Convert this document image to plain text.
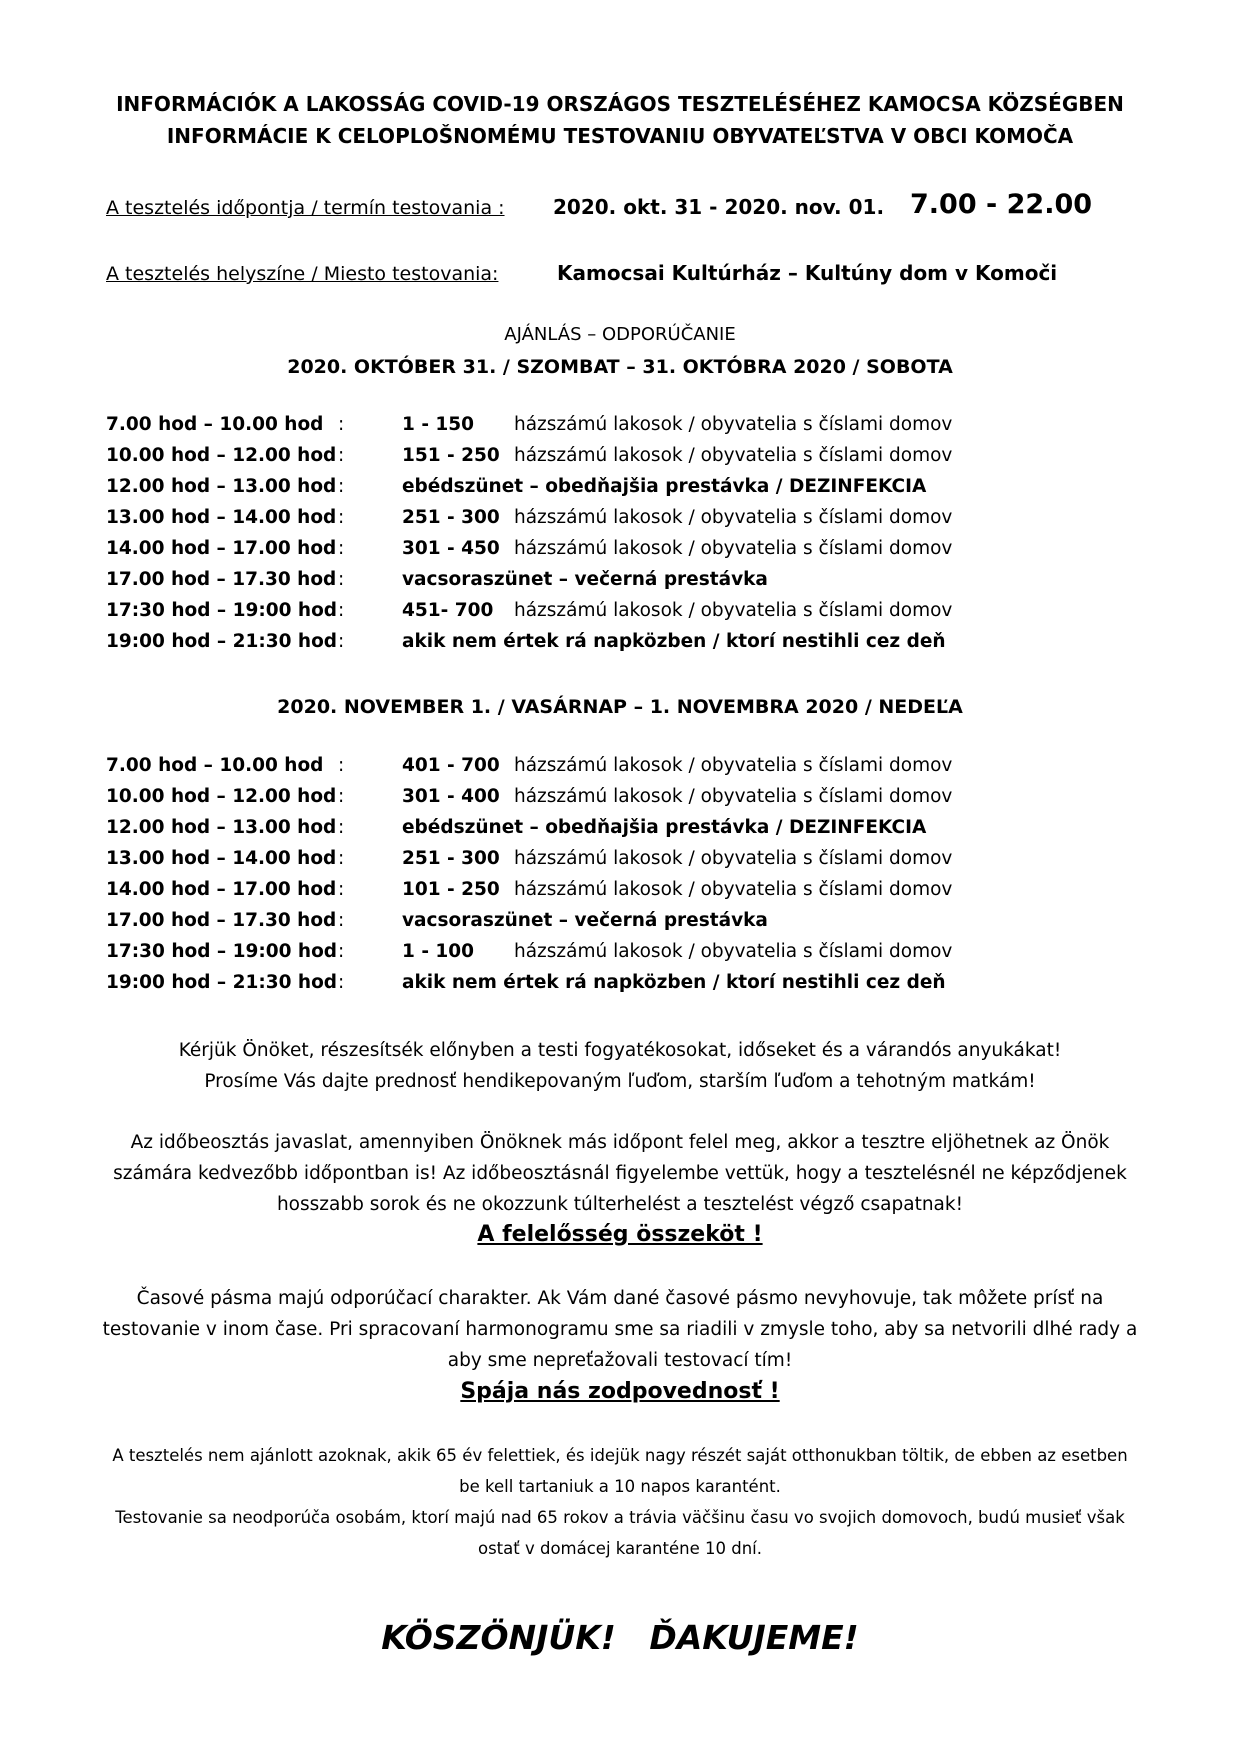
INFORMÁCIÓK A LAKOSSÁG COVID-19 ORSZÁGOS TESZTELÉSÉHEZ KAMOCSA KÖZSÉGBEN
INFORMÁCIE K CELOPLOŠNOMÉMU TESTOVANIU OBYVATEĽSTVA V OBCI KOMOČA
A tesztelés időpontja / termín testovania : 2020. okt. 31 - 2020. nov. 01. 7.00 - 22.00
A tesztelés helyszíne / Miesto testovania:	Kamocsai Kultúrház – Kultúny dom v Komoči
AJÁNLÁS – ODPORÚČANIE
2020. OKTÓBER 31. / SZOMBAT – 31. OKTÓBRA 2020 / SOBOTA
7.00 hod – 10.00 hod :	1 - 150 házszámú lakosok / obyvatelia s číslami domov
10.00 hod – 12.00 hod :	151 - 250 házszámú lakosok / obyvatelia s číslami domov
12.00 hod – 13.00 hod :	ebédszünet – obedňajšia prestávka / DEZINFEKCIA
13.00 hod – 14.00 hod :	251 - 300 házszámú lakosok / obyvatelia s číslami domov
14.00 hod – 17.00 hod :	301 - 450 házszámú lakosok / obyvatelia s číslami domov
17.00 hod – 17.30 hod :	vacsoraszünet – večerná prestávka
17:30 hod – 19:00 hod :	451- 700 házszámú lakosok / obyvatelia s číslami domov
19:00 hod – 21:30 hod :	akik nem értek rá napközben / ktorí nestihli cez deň
2020. NOVEMBER 1. / VASÁRNAP – 1. NOVEMBRA 2020 / NEDEĽA
7.00 hod – 10.00 hod :	401 - 700 házszámú lakosok / obyvatelia s číslami domov
10.00 hod – 12.00 hod :	301 - 400 házszámú lakosok / obyvatelia s číslami domov
12.00 hod – 13.00 hod :	ebédszünet – obedňajšia prestávka / DEZINFEKCIA
13.00 hod – 14.00 hod :	251 - 300 házszámú lakosok / obyvatelia s číslami domov
14.00 hod – 17.00 hod :	101 - 250 házszámú lakosok / obyvatelia s číslami domov
17.00 hod – 17.30 hod :	vacsoraszünet – večerná prestávka
17:30 hod – 19:00 hod :	1 - 100 házszámú lakosok / obyvatelia s číslami domov
19:00 hod – 21:30 hod :	akik nem értek rá napközben / ktorí nestihli cez deň
Kérjük Önöket, részesítsék előnyben a testi fogyatékosokat, időseket és a várandós anyukákat!
Prosíme Vás dajte prednosť hendikepovaným ľuďom, starším ľuďom a tehotným matkám!
Az időbeosztás javaslat, amennyiben Önöknek más időpont felel meg, akkor a tesztre eljöhetnek az Önök számára kedvezőbb időpontban is! Az időbeosztásnál figyelembe vettük, hogy a tesztelésnél ne képződjenek hosszabb sorok és ne okozzunk túlterhelést a tesztelést végző csapatnak!
A felelősség összeköt !
Časové pásma majú odporúčací charakter. Ak Vám dané časové pásmo nevyhovuje, tak môžete prísť na testovanie v inom čase. Pri spracovaní harmonogramu sme sa riadili v zmysle toho, aby sa netvorili dlhé rady a aby sme nepreťažovali testovací tím!
Spája nás zodpovednosť !
A tesztelés nem ajánlott azoknak, akik 65 év felettiek, és idejük nagy részét saját otthonukban töltik, de ebben az esetben be kell tartaniuk a 10 napos karantént.
Testovanie sa neodporúča osobám, ktorí majú nad 65 rokov a trávia väčšinu času vo svojich domovoch, budú musieť však ostať v domácej karanténe 10 dní.
KÖSZÖNJÜK! ĎAKUJEME!
